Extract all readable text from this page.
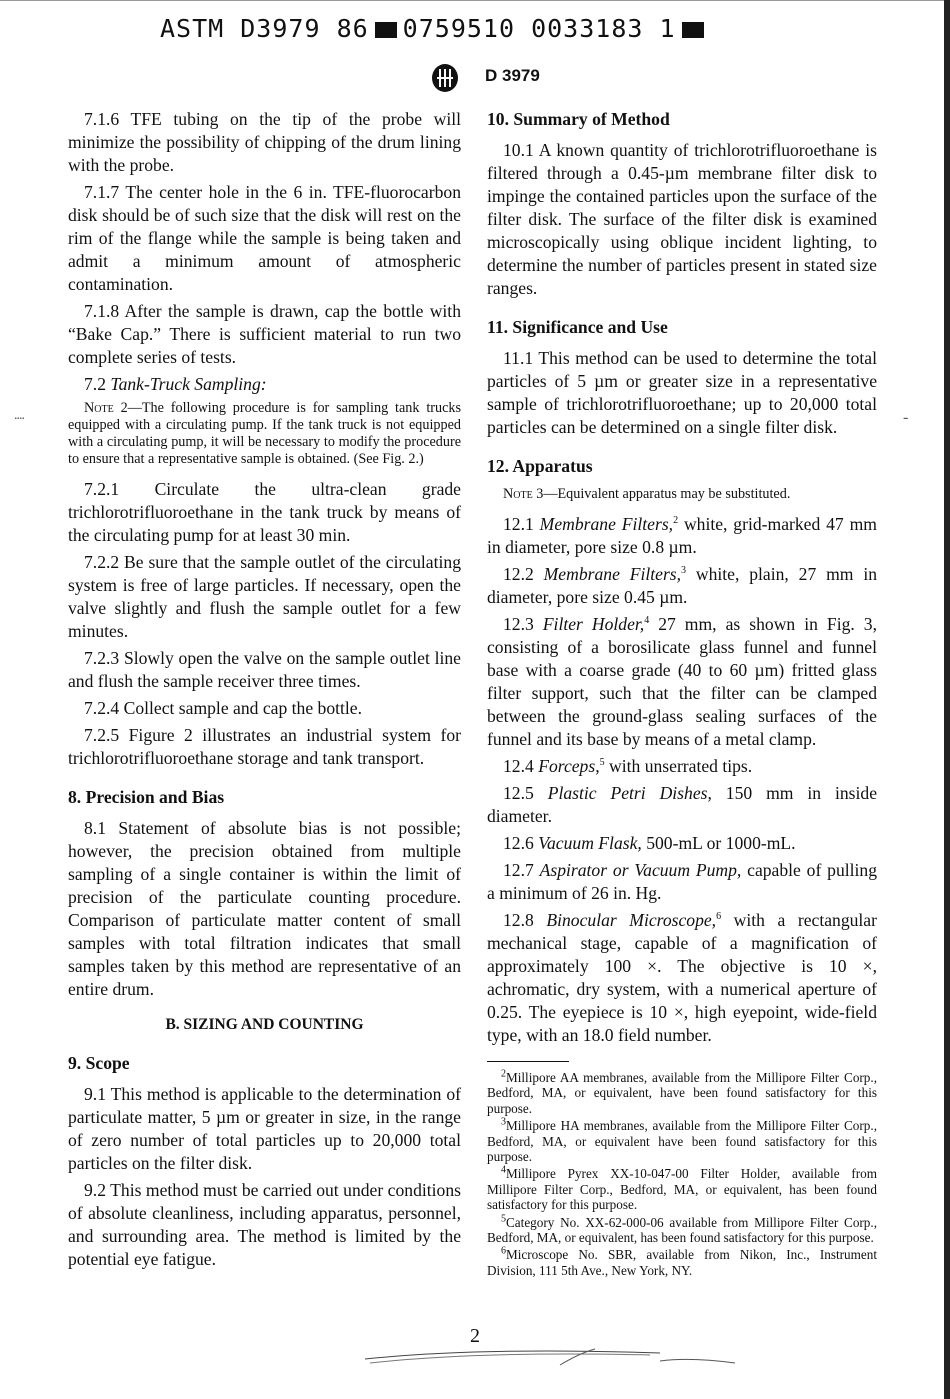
ASTM D3979 86 0759510 0033183 1
D 3979

7.1.6 TFE tubing on the tip of the probe will minimize the possibility of chipping of the drum lining with the probe.

7.1.7 The center hole in the 6 in. TFE-fluorocarbon disk should be of such size that the disk will rest on the rim of the flange while the sample is being taken and admit a minimum amount of atmospheric contamination.

7.1.8 After the sample is drawn, cap the bottle with “Bake Cap.” There is sufficient material to run two complete series of tests.

7.2 Tank-Truck Sampling:

Note 2—The following procedure is for sampling tank trucks equipped with a circulating pump. If the tank truck is not equipped with a circulating pump, it will be necessary to modify the procedure to ensure that a representative sample is obtained. (See Fig. 2.)

7.2.1 Circulate the ultra-clean grade trichlorotrifluoroethane in the tank truck by means of the circulating pump for at least 30 min.

7.2.2 Be sure that the sample outlet of the circulating system is free of large particles. If necessary, open the valve slightly and flush the sample outlet for a few minutes.

7.2.3 Slowly open the valve on the sample outlet line and flush the sample receiver three times.

7.2.4 Collect sample and cap the bottle.

7.2.5 Figure 2 illustrates an industrial system for trichlorotrifluoroethane storage and tank transport.

8. Precision and Bias

8.1 Statement of absolute bias is not possible; however, the precision obtained from multiple sampling of a single container is within the limit of precision of the particulate counting procedure. Comparison of particulate matter content of small samples with total filtration indicates that small samples taken by this method are representative of an entire drum.

B. SIZING AND COUNTING
9. Scope

9.1 This method is applicable to the determination of particulate matter, 5 µm or greater in size, in the range of zero number of total particles up to 20,000 total particles on the filter disk.

9.2 This method must be carried out under conditions of absolute cleanliness, including apparatus, personnel, and surrounding area. The method is limited by the potential eye fatigue.

10. Summary of Method

10.1 A known quantity of trichlorotrifluoroethane is filtered through a 0.45-µm membrane filter disk to impinge the contained particles upon the surface of the filter disk. The surface of the filter disk is examined microscopically using oblique incident lighting, to determine the number of particles present in stated size ranges.

11. Significance and Use

11.1 This method can be used to determine the total particles of 5 µm or greater size in a representative sample of trichlorotrifluoroethane; up to 20,000 total particles can be determined on a single filter disk.

12. Apparatus
Note 3—Equivalent apparatus may be substituted.

12.1 Membrane Filters,$^2$ white, grid-marked 47 mm in diameter, pore size 0.8 µm.

12.2 Membrane Filters,$^3$ white, plain, 27 mm in diameter, pore size 0.45 µm.

12.3 Filter Holder,$^4$ 27 mm, as shown in Fig. 3, consisting of a borosilicate glass funnel and funnel base with a coarse grade (40 to 60 µm) fritted glass filter support, such that the filter can be clamped between the ground-glass sealing surfaces of the funnel and its base by means of a metal clamp.

12.4 Forceps,$^5$ with unserrated tips.

12.5 Plastic Petri Dishes, 150 mm in inside diameter.

12.6 Vacuum Flask, 500-mL or 1000-mL.

12.7 Aspirator or Vacuum Pump, capable of pulling a minimum of 26 in. Hg.

12.8 Binocular Microscope,$^6$ with a rectangular mechanical stage, capable of a magnification of approximately 100 ×. The objective is 10 ×, achromatic, dry system, with a numerical aperture of 0.25. The eyepiece is 10 ×, high eyepoint, wide-field type, with an 18.0 field number.

$^2$Millipore AA membranes, available from the Millipore Filter Corp., Bedford, MA, or equivalent, have been found satisfactory for this purpose.
$^3$Millipore HA membranes, available from the Millipore Filter Corp., Bedford, MA, or equivalent have been found satisfactory for this purpose.
$^4$Millipore Pyrex XX-10-047-00 Filter Holder, available from Millipore Filter Corp., Bedford, MA, or equivalent, has been found satisfactory for this purpose.
$^5$Category No. XX-62-000-06 available from Millipore Filter Corp., Bedford, MA, or equivalent, has been found satisfactory for this purpose.
$^6$Microscope No. SBR, available from Nikon, Inc., Instrument Division, 111 5th Ave., New York, NY.
....	-
2
